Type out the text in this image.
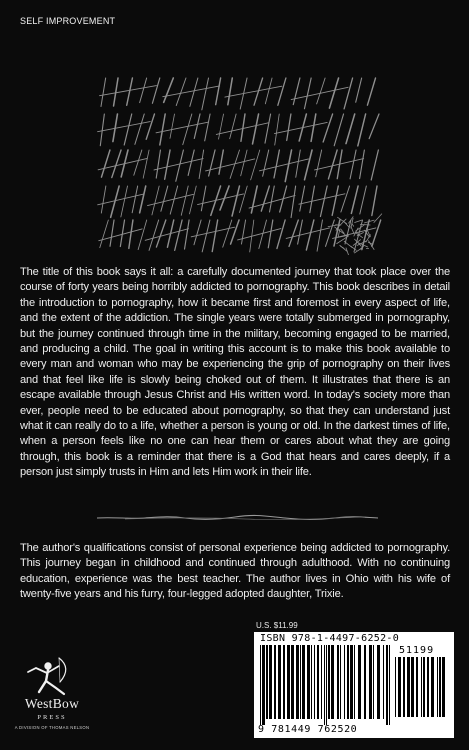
SELF IMPROVEMENT
The title of this book says it all: a carefully documented journey that took place over the course of forty years being horribly addicted to pornography. This book describes in detail the introduction to pornography, how it became first and foremost in every aspect of life, and the extent of the addiction. The single years were totally submerged in pornography, but the journey continued through time in the military, becoming engaged to be married, and producing a child. The goal in writing this account is to make this book available to every man and woman who may be experiencing the grip of pornography on their lives and that feel like life is slowly being choked out of them. It illustrates that there is an escape available through Jesus Christ and His written word. In today's society more than ever, people need to be educated about pornography, so that they can understand just what it can really do to a life, whether a person is young or old. In the darkest times of life, when a person feels like no one can hear them or cares about what they are going through, this book is a reminder that there is a God that hears and cares deeply, if a person just simply trusts in Him and lets Him work in their life.
The author's qualifications consist of personal experience being addicted to pornography. This journey began in childhood and continued through adulthood. With no continuing education, experience was the best teacher. The author lives in Ohio with his wife of twenty-five years and his furry, four-legged adopted daughter, Trixie.
U.S. $11.99
ISBN 978-1-4497-6252-0
51199
9 781449 762520
WestBow
PRESS
A DIVISION OF THOMAS NELSON
